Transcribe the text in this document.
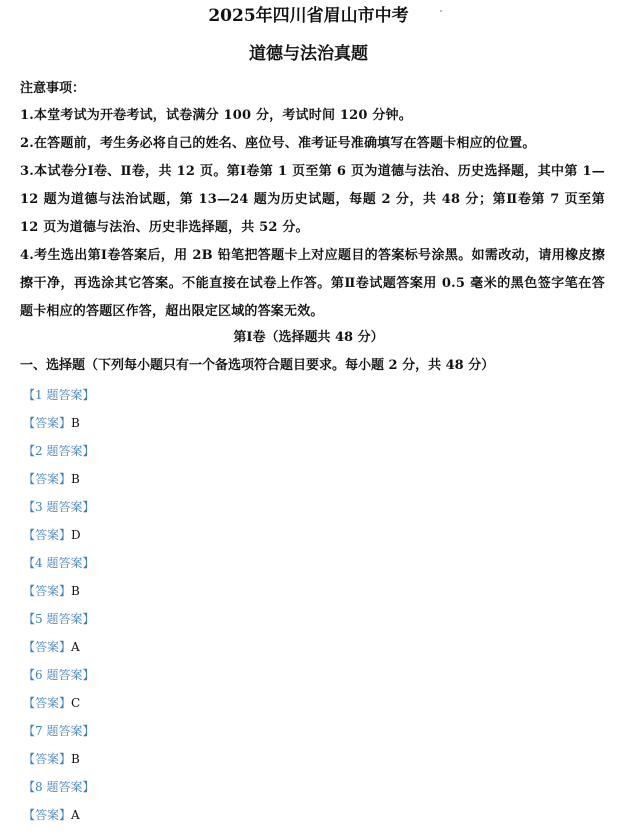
2025年四川省眉山市中考
道德与法治真题
注意事项：
1.本堂考试为开卷考试，试卷满分 100 分，考试时间 120 分钟。
2.在答题前，考生务必将自己的姓名、座位号、准考证号准确填写在答题卡相应的位置。
3.本试卷分Ⅰ卷、Ⅱ卷，共 12 页。第Ⅰ卷第 1 页至第 6 页为道德与法治、历史选择题，其中第 1—12 题为道德与法治试题，第 13—24 题为历史试题，每题 2 分，共 48 分；第Ⅱ卷第 7 页至第 12 页为道德与法治、历史非选择题，共 52 分。
4.考生选出第Ⅰ卷答案后，用 2B 铅笔把答题卡上对应题目的答案标号涂黑。如需改动，请用橡皮擦擦干净，再选涂其它答案。不能直接在试卷上作答。第Ⅱ卷试题答案用 0.5 毫米的黑色签字笔在答题卡相应的答题区作答，超出限定区域的答案无效。
第Ⅰ卷（选择题共 48 分）
一、选择题（下列每小题只有一个备选项符合题目要求。每小题 2 分，共 48 分）
【1 题答案】
【答案】B
【2 题答案】
【答案】B
【3 题答案】
【答案】D
【4 题答案】
【答案】B
【5 题答案】
【答案】A
【6 题答案】
【答案】C
【7 题答案】
【答案】B
【8 题答案】
【答案】A
